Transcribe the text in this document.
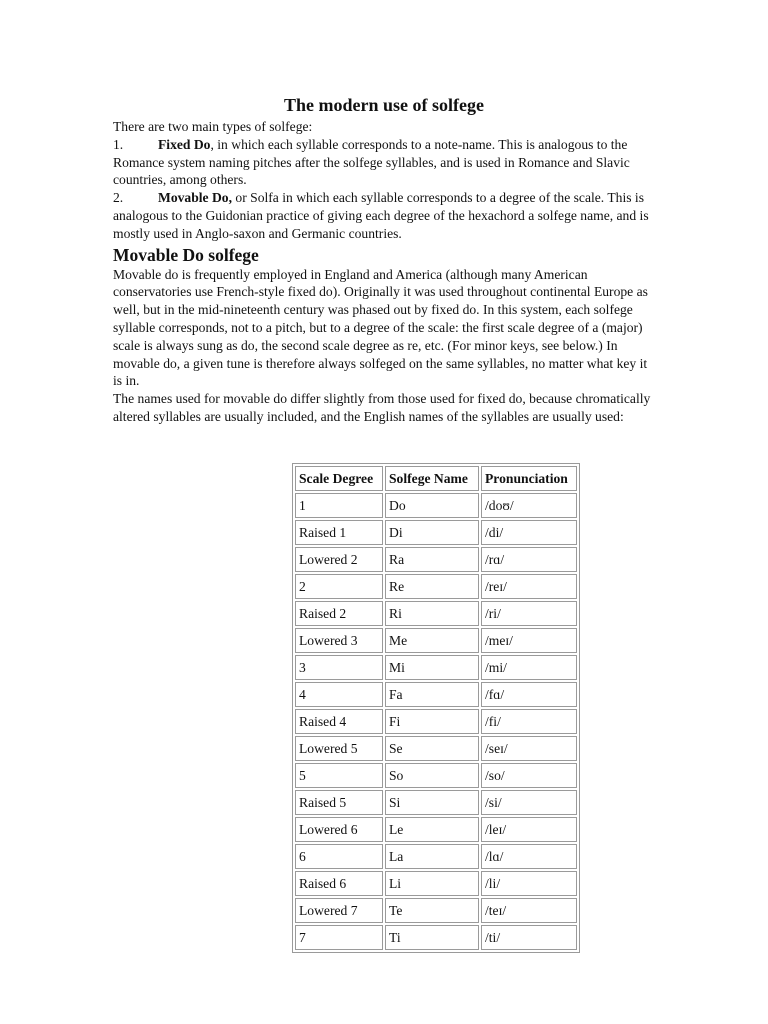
The modern use of solfege

There are two main types of solfege:

1.	Fixed Do, in which each syllable corresponds to a note-name. This is analogous to the Romance system naming pitches after the solfege syllables, and is used in Romance and Slavic countries, among others.

2.	Movable Do, or Solfa in which each syllable corresponds to a degree of the scale. This is analogous to the Guidonian practice of giving each degree of the hexachord a solfege name, and is mostly used in Anglo-saxon and Germanic countries.

Movable Do solfege

Movable do is frequently employed in England and America (although many American conservatories use French-style fixed do). Originally it was used throughout continental Europe as well, but in the mid-nineteenth century was phased out by fixed do. In this system, each solfege syllable corresponds, not to a pitch, but to a degree of the scale: the first scale degree of a (major) scale is always sung as do, the second scale degree as re, etc. (For minor keys, see below.) In movable do, a given tune is therefore always solfeged on the same syllables, no matter what key it is in.

The names used for movable do differ slightly from those used for fixed do, because chromatically altered syllables are usually included, and the English names of the syllables are usually used:

Scale Degree	Solfege Name	Pronunciation
1	Do	/doʊ/
Raised 1	Di	/di/
Lowered 2	Ra	/rɑ/
2	Re	/reɪ/
Raised 2	Ri	/ri/
Lowered 3	Me	/meɪ/
3	Mi	/mi/
4	Fa	/fɑ/
Raised 4	Fi	/fi/
Lowered 5	Se	/seɪ/
5	So	/so/
Raised 5	Si	/si/
Lowered 6	Le	/leɪ/
6	La	/lɑ/
Raised 6	Li	/li/
Lowered 7	Te	/teɪ/
7	Ti	/ti/
